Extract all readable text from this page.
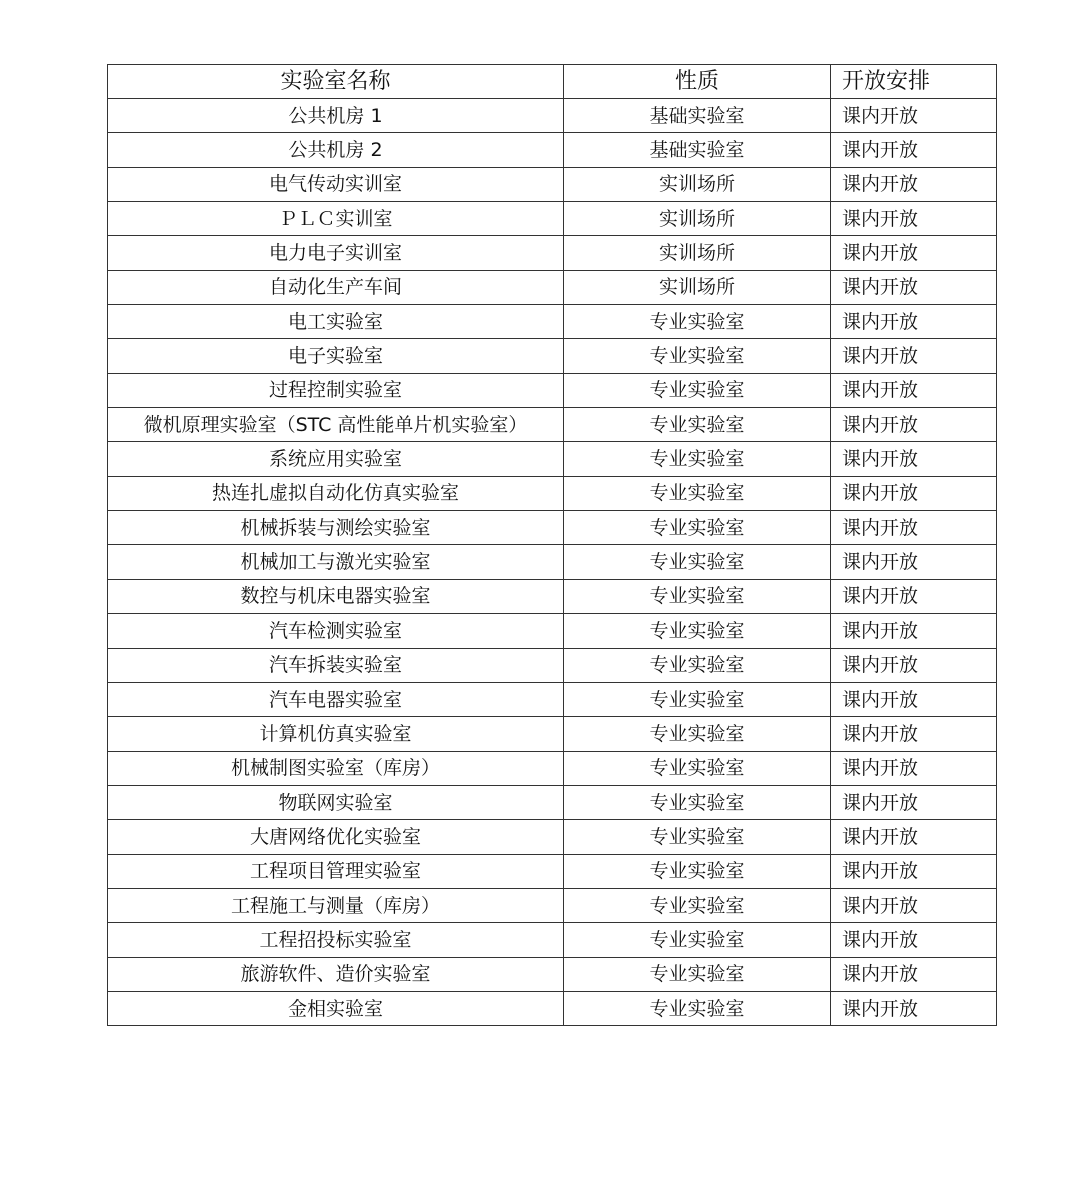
实验室名称	性质	开放安排
公共机房 1	基础实验室	课内开放
公共机房 2	基础实验室	课内开放
电气传动实训室	实训场所	课内开放
ＰＬＣ实训室	实训场所	课内开放
电力电子实训室	实训场所	课内开放
自动化生产车间	实训场所	课内开放
电工实验室	专业实验室	课内开放
电子实验室	专业实验室	课内开放
过程控制实验室	专业实验室	课内开放
微机原理实验室（STC 高性能单片机实验室）	专业实验室	课内开放
系统应用实验室	专业实验室	课内开放
热连扎虚拟自动化仿真实验室	专业实验室	课内开放
机械拆装与测绘实验室	专业实验室	课内开放
机械加工与激光实验室	专业实验室	课内开放
数控与机床电器实验室	专业实验室	课内开放
汽车检测实验室	专业实验室	课内开放
汽车拆装实验室	专业实验室	课内开放
汽车电器实验室	专业实验室	课内开放
计算机仿真实验室	专业实验室	课内开放
机械制图实验室（库房）	专业实验室	课内开放
物联网实验室	专业实验室	课内开放
大唐网络优化实验室	专业实验室	课内开放
工程项目管理实验室	专业实验室	课内开放
工程施工与测量（库房）	专业实验室	课内开放
工程招投标实验室	专业实验室	课内开放
旅游软件、造价实验室	专业实验室	课内开放
金相实验室	专业实验室	课内开放
